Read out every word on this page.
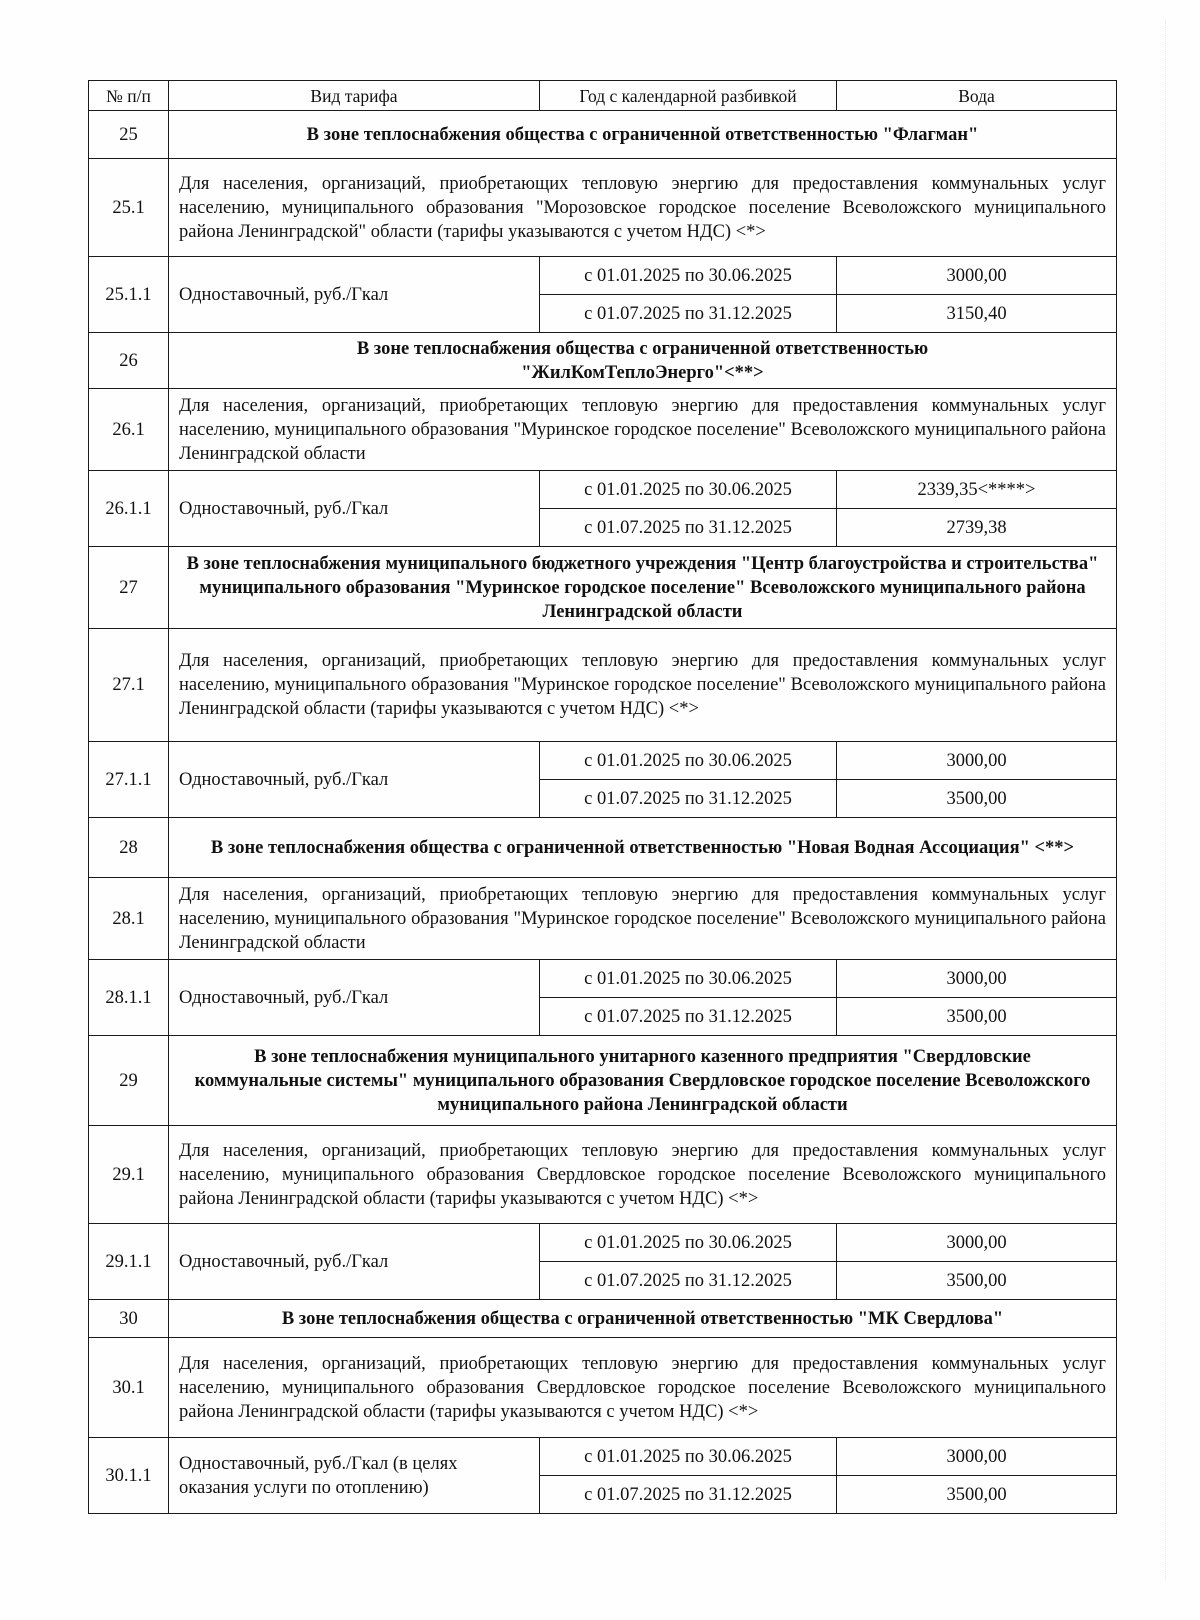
№ п/п	Вид тарифа	Год с календарной разбивкой	Вода
25	В зоне теплоснабжения общества с ограниченной ответственностью "Флагман"		
25.1	Для населения, организаций, приобретающих тепловую энергию для предоставления коммунальных услуг населению, муниципального образования "Морозовское городское поселение Всеволожского муниципального района Ленинградской" области (тарифы указываются с учетом НДС) <*>		
25.1.1	Одноставочный, руб./Гкал	с 01.01.2025 по 30.06.2025	3000,00
		с 01.07.2025 по 31.12.2025	3150,40
26	В зоне теплоснабжения общества с ограниченной ответственностью "ЖилКомТеплоЭнерго"<**>		
26.1	Для населения, организаций, приобретающих тепловую энергию для предоставления коммунальных услуг населению, муниципального образования "Муринское городское поселение" Всеволожского муниципального района Ленинградской области		
26.1.1	Одноставочный, руб./Гкал	с 01.01.2025 по 30.06.2025	2339,35<****>
		с 01.07.2025 по 31.12.2025	2739,38
27	В зоне теплоснабжения муниципального бюджетного учреждения "Центр благоустройства и строительства" муниципального образования "Муринское городское поселение" Всеволожского муниципального района Ленинградской области		
27.1	Для населения, организаций, приобретающих тепловую энергию для предоставления коммунальных услуг населению, муниципального образования "Муринское городское поселение" Всеволожского муниципального района Ленинградской области (тарифы указываются с учетом НДС) <*>		
27.1.1	Одноставочный, руб./Гкал	с 01.01.2025 по 30.06.2025	3000,00
		с 01.07.2025 по 31.12.2025	3500,00
28	В зоне теплоснабжения общества с ограниченной ответственностью "Новая Водная Ассоциация" <**>		
28.1	Для населения, организаций, приобретающих тепловую энергию для предоставления коммунальных услуг населению, муниципального образования "Муринское городское поселение" Всеволожского муниципального района Ленинградской области		
28.1.1	Одноставочный, руб./Гкал	с 01.01.2025 по 30.06.2025	3000,00
		с 01.07.2025 по 31.12.2025	3500,00
29	В зоне теплоснабжения муниципального унитарного казенного предприятия "Свердловские коммунальные системы" муниципального образования Свердловское городское поселение Всеволожского муниципального района Ленинградской области		
29.1	Для населения, организаций, приобретающих тепловую энергию для предоставления коммунальных услуг населению, муниципального образования Свердловское городское поселение Всеволожского муниципального района Ленинградской области (тарифы указываются с учетом НДС) <*>		
29.1.1	Одноставочный, руб./Гкал	с 01.01.2025 по 30.06.2025	3000,00
		с 01.07.2025 по 31.12.2025	3500,00
30	В зоне теплоснабжения общества с ограниченной ответственностью "МК Свердлова"		
30.1	Для населения, организаций, приобретающих тепловую энергию для предоставления коммунальных услуг населению, муниципального образования Свердловское городское поселение Всеволожского муниципального района Ленинградской области (тарифы указываются с учетом НДС) <*>		
30.1.1	Одноставочный, руб./Гкал (в целях оказания услуги по отоплению)	с 01.01.2025 по 30.06.2025	3000,00
		с 01.07.2025 по 31.12.2025	3500,00
